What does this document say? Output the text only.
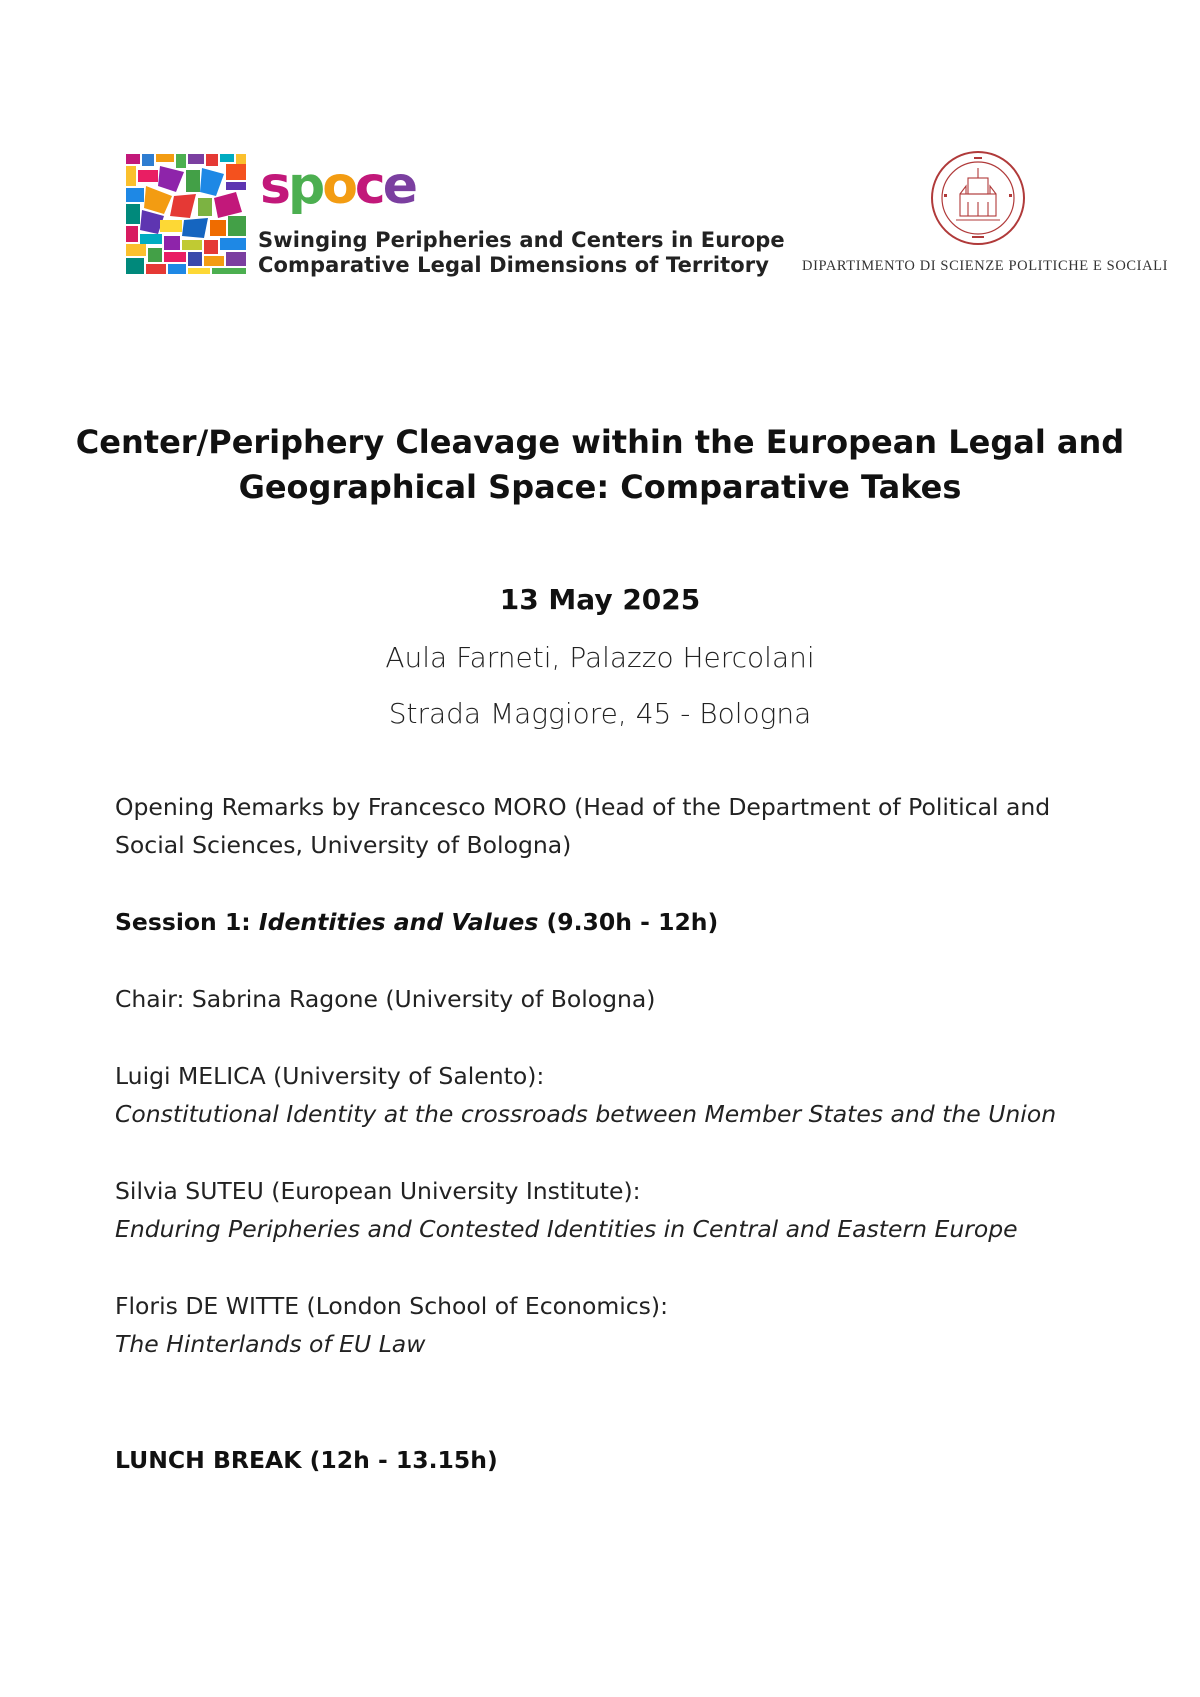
spoce
Swinging Peripheries and Centers in Europe
Comparative Legal Dimensions of Territory DIPARTIMENTO DI SCIENZE POLITICHE E SOCIALI
Center/Periphery Cleavage within the European Legal and
Geographical Space: Comparative Takes
13 May 2025
Aula Farneti, Palazzo Hercolani
Strada Maggiore, 45 - Bologna
Opening Remarks by Francesco MORO (Head of the Department of Political and
Social Sciences, University of Bologna)
Session 1: Identities and Values (9.30h - 12h)
Chair: Sabrina Ragone (University of Bologna)
Luigi MELICA (University of Salento):
Constitutional Identity at the crossroads between Member States and the Union
Silvia SUTEU (European University Institute):
Enduring Peripheries and Contested Identities in Central and Eastern Europe
Floris DE WITTE (London School of Economics):
The Hinterlands of EU Law
LUNCH BREAK (12h - 13.15h)
